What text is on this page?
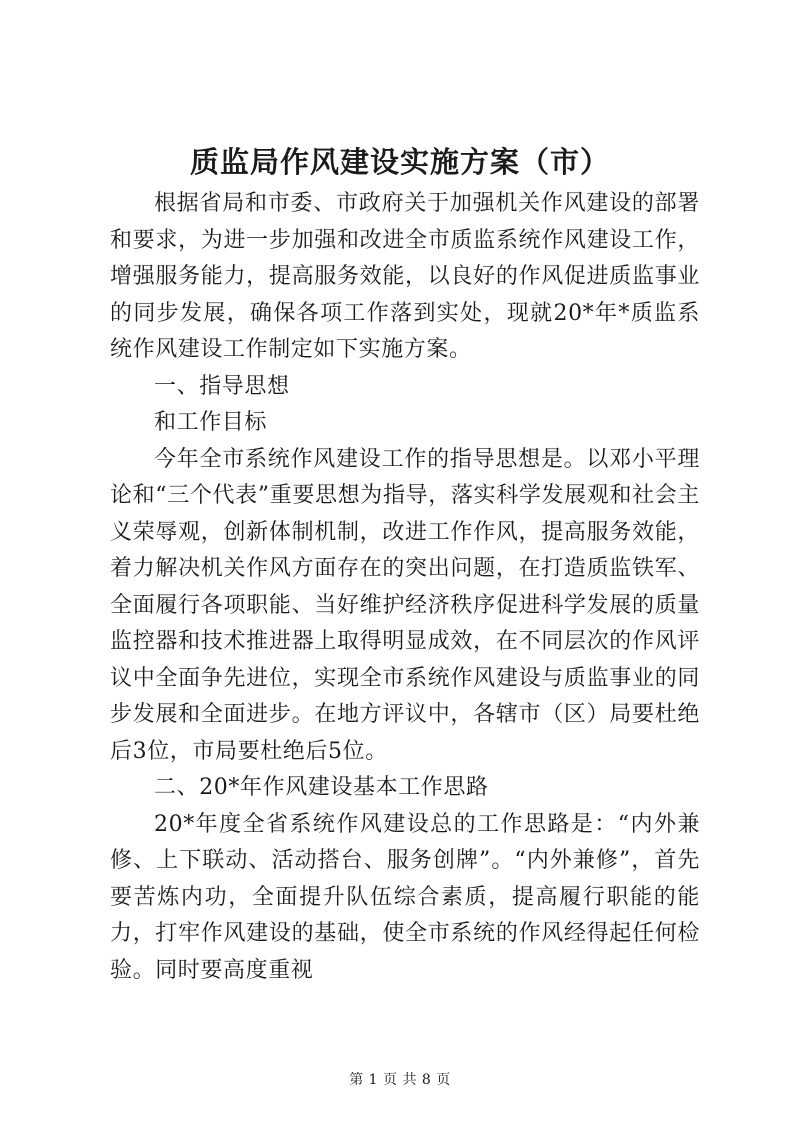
质监局作风建设实施方案（市）

根据省局和市委、市政府关于加强机关作风建设的部署和要求，为进一步加强和改进全市质监系统作风建设工作，增强服务能力，提高服务效能，以良好的作风促进质监事业的同步发展，确保各项工作落到实处，现就20*年*质监系统作风建设工作制定如下实施方案。

一、指导思想

和工作目标

今年全市系统作风建设工作的指导思想是。以邓小平理论和“三个代表”重要思想为指导，落实科学发展观和社会主义荣辱观，创新体制机制，改进工作作风，提高服务效能，着力解决机关作风方面存在的突出问题，在打造质监铁军、全面履行各项职能、当好维护经济秩序促进科学发展的质量监控器和技术推进器上取得明显成效，在不同层次的作风评议中全面争先进位，实现全市系统作风建设与质监事业的同步发展和全面进步。在地方评议中，各辖市（区）局要杜绝后3位，市局要杜绝后5位。

二、20*年作风建设基本工作思路

20*年度全省系统作风建设总的工作思路是：“内外兼修、上下联动、活动搭台、服务创牌”。“内外兼修”，首先要苦炼内功，全面提升队伍综合素质，提高履行职能的能力，打牢作风建设的基础，使全市系统的作风经得起任何检验。同时要高度重视

第 1 页 共 8 页
